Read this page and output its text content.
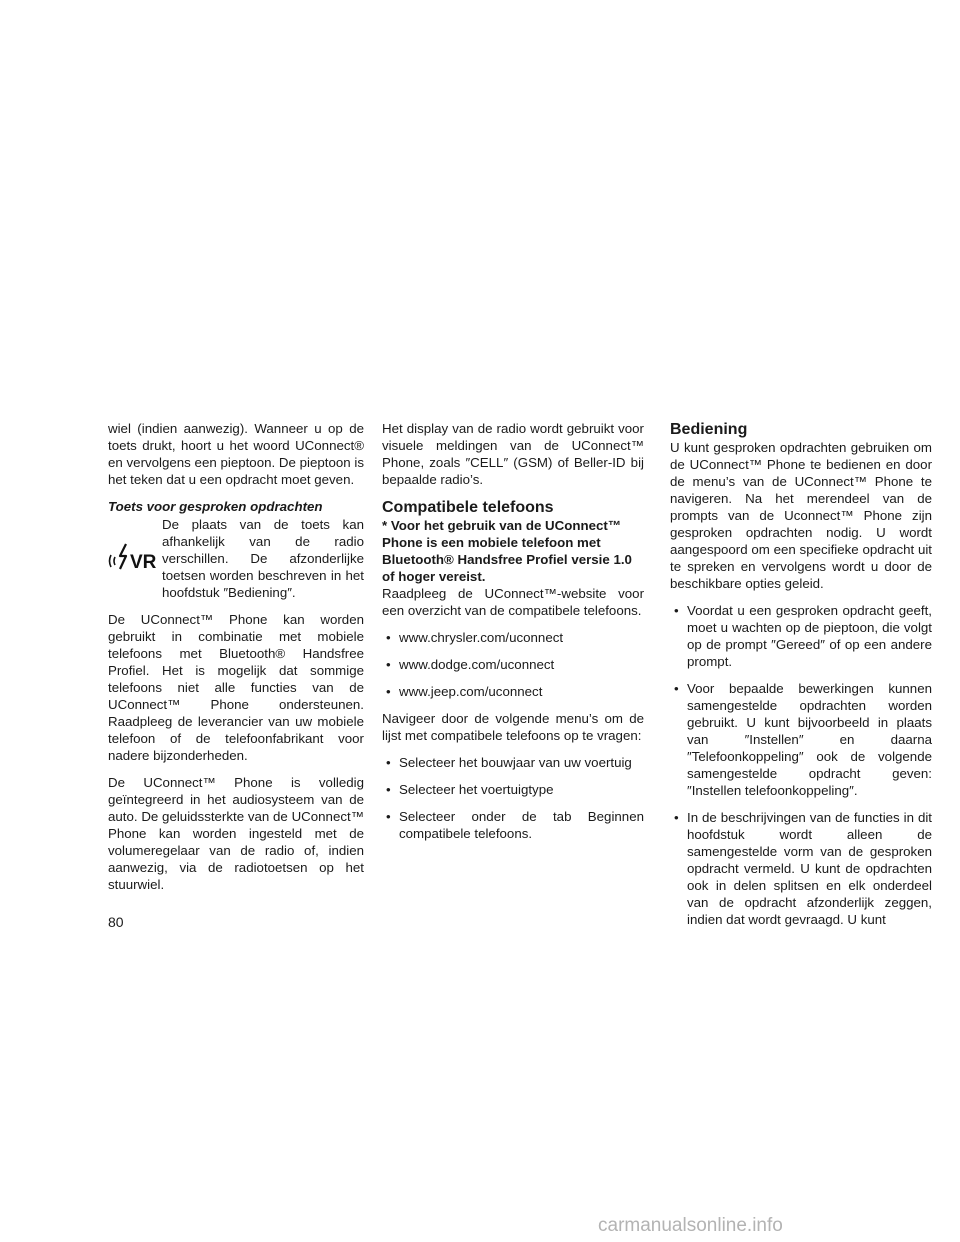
wiel (indien aanwezig). Wanneer u op de toets drukt, hoort u het woord UConnect® en vervolgens een pieptoon. De pieptoon is het teken dat u een opdracht moet geven.

Toets voor gesproken opdrachten
VR
De plaats van de toets kan afhankelijk van de radio verschillen. De afzonderlijke toetsen worden beschreven in het hoofdstuk ″Bediening″.

De UConnect™ Phone kan worden gebruikt in combinatie met mobiele telefoons met Bluetooth® Handsfree Profiel. Het is mogelijk dat sommige telefoons niet alle functies van de UConnect™ Phone ondersteunen. Raadpleeg de leverancier van uw mobiele telefoon of de telefoonfabrikant voor nadere bijzonderheden.

De UConnect™ Phone is volledig geïntegreerd in het audiosysteem van de auto. De geluidssterkte van de UConnect™ Phone kan worden ingesteld met de volumeregelaar van de radio of, indien aanwezig, via de radiotoetsen op het stuurwiel.

Het display van de radio wordt gebruikt voor visuele meldingen van de UConnect™ Phone, zoals ″CELL″ (GSM) of Beller-ID bij bepaalde radio’s.

Compatibele telefoons
* Voor het gebruik van de UConnect™ Phone is een mobiele telefoon met Bluetooth® Handsfree Profiel versie 1.0 of hoger vereist.

Raadpleeg de UConnect™-website voor een overzicht van de compatibele telefoons.

• www.chrysler.com/uconnect
• www.dodge.com/uconnect
• www.jeep.com/uconnect

Navigeer door de volgende menu’s om de lijst met compatibele telefoons op te vragen:

• Selecteer het bouwjaar van uw voertuig
• Selecteer het voertuigtype
• Selecteer onder de tab Beginnen compatibele telefoons.
Bediening

U kunt gesproken opdrachten gebruiken om de UConnect™ Phone te bedienen en door de menu’s van de UConnect™ Phone te navigeren. Na het merendeel van de prompts van de Uconnect™ Phone zijn gesproken opdrachten nodig. U wordt aangespoord om een specifieke opdracht uit te spreken en vervolgens wordt u door de beschikbare opties geleid.

• Voordat u een gesproken opdracht geeft, moet u wachten op de pieptoon, die volgt op de prompt ″Gereed″ of op een andere prompt.
• Voor bepaalde bewerkingen kunnen samengestelde opdrachten worden gebruikt. U kunt bijvoorbeeld in plaats van ″Instellen″ en daarna ″Telefoonkoppeling″ ook de volgende samengestelde opdracht geven: ″Instellen telefoonkoppeling″.
• In de beschrijvingen van de functies in dit hoofdstuk wordt alleen de samengestelde vorm van de gesproken opdracht vermeld. U kunt de opdrachten ook in delen splitsen en elk onderdeel van de opdracht afzonderlijk zeggen, indien dat wordt gevraagd. U kunt
80
carmanualsonline.info
